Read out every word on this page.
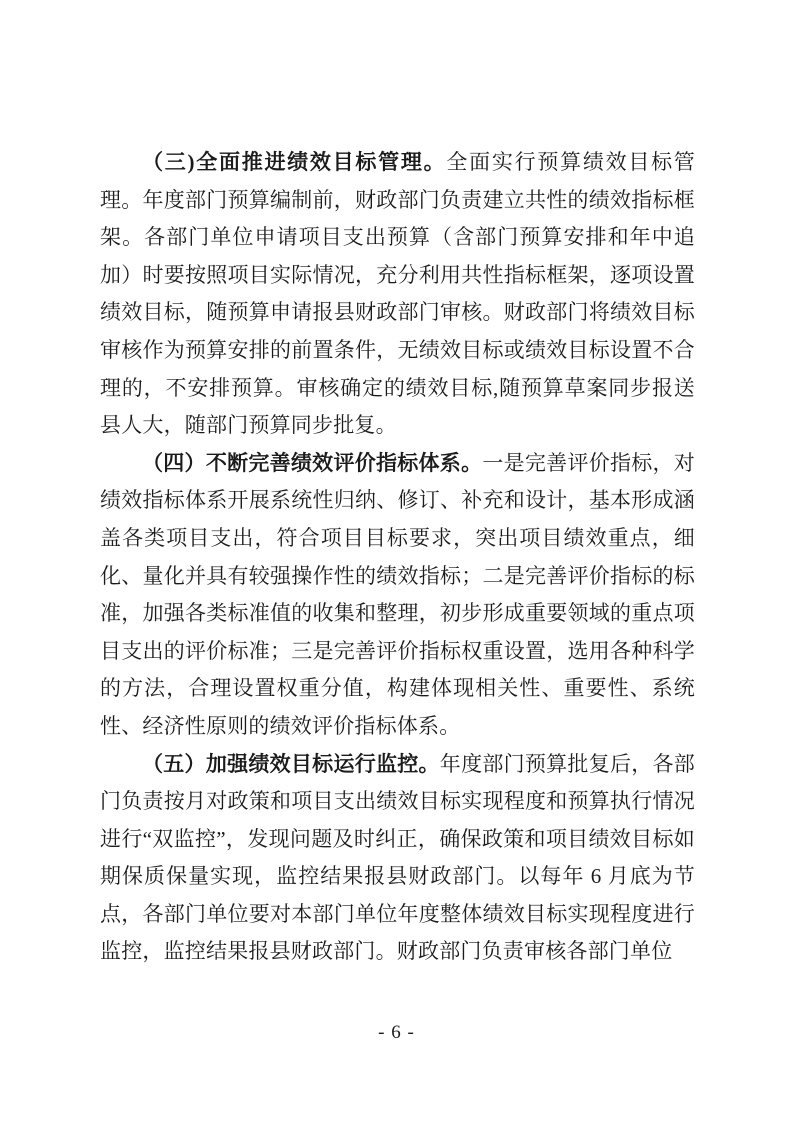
（三)全面推进绩效目标管理。全面实行预算绩效目标管理。年度部门预算编制前，财政部门负责建立共性的绩效指标框架。各部门单位申请项目支出预算（含部门预算安排和年中追加）时要按照项目实际情况，充分利用共性指标框架，逐项设置绩效目标，随预算申请报县财政部门审核。财政部门将绩效目标审核作为预算安排的前置条件，无绩效目标或绩效目标设置不合理的，不安排预算。审核确定的绩效目标,随预算草案同步报送县人大，随部门预算同步批复。

（四）不断完善绩效评价指标体系。一是完善评价指标，对绩效指标体系开展系统性归纳、修订、补充和设计，基本形成涵盖各类项目支出，符合项目目标要求，突出项目绩效重点，细化、量化并具有较强操作性的绩效指标；二是完善评价指标的标准，加强各类标准值的收集和整理，初步形成重要领域的重点项目支出的评价标准；三是完善评价指标权重设置，选用各种科学的方法，合理设置权重分值，构建体现相关性、重要性、系统性、经济性原则的绩效评价指标体系。

（五）加强绩效目标运行监控。年度部门预算批复后，各部门负责按月对政策和项目支出绩效目标实现程度和预算执行情况进行“双监控”，发现问题及时纠正，确保政策和项目绩效目标如期保质保量实现，监控结果报县财政部门。以每年 6 月底为节点，各部门单位要对本部门单位年度整体绩效目标实现程度进行监控，监控结果报县财政部门。财政部门负责审核各部门单位

- 6 -
